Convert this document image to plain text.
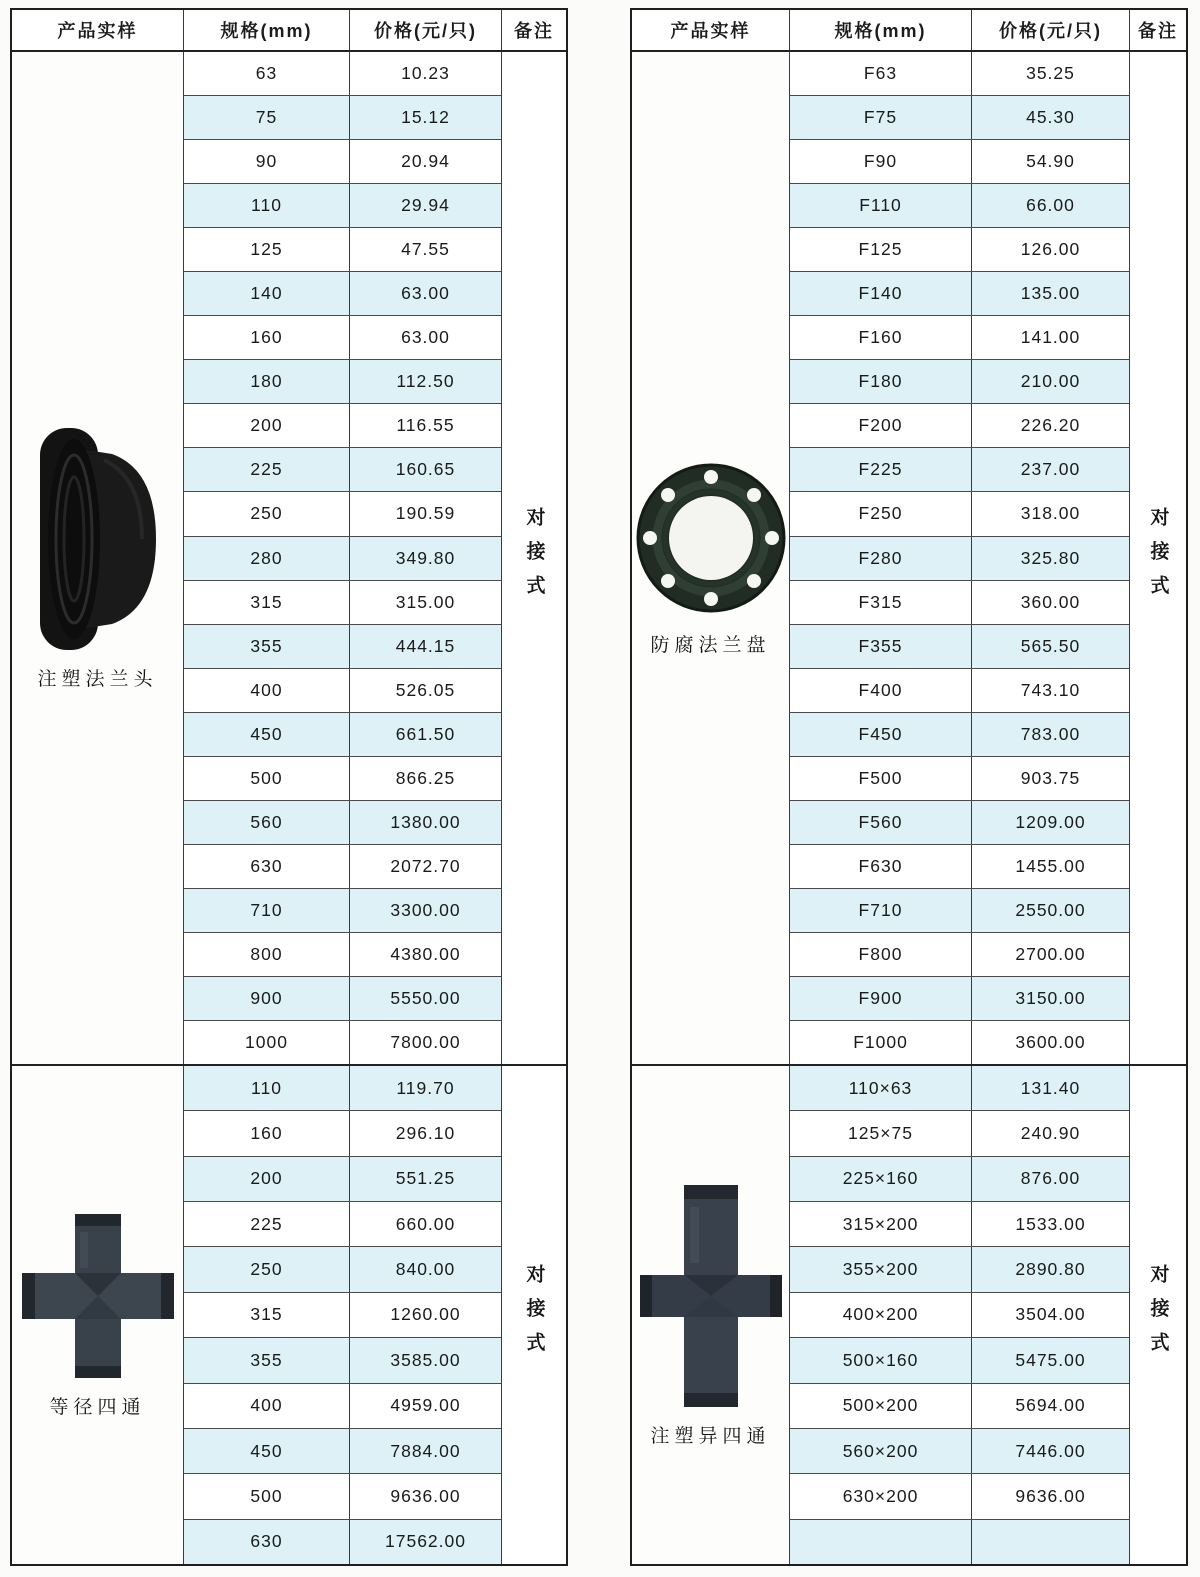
产品实样	规格(mm)	价格(元/只)	备注
注塑法兰头
63	10.23
75	15.12
90	20.94
110	29.94
125	47.55
140	63.00
160	63.00
180	112.50
200	116.55
225	160.65
250	190.59
280	349.80
315	315.00
355	444.15
400	526.05
450	661.50
500	866.25
560	1380.00
630	2072.70
710	3300.00
800	4380.00
900	5550.00
1000	7800.00
对接式
等径四通
110	119.70
160	296.10
200	551.25
225	660.00
250	840.00
315	1260.00
355	3585.00
400	4959.00
450	7884.00
500	9636.00
630	17562.00
对接式
产品实样	规格(mm)	价格(元/只)	备注
防腐法兰盘
F63	35.25
F75	45.30
F90	54.90
F110	66.00
F125	126.00
F140	135.00
F160	141.00
F180	210.00
F200	226.20
F225	237.00
F250	318.00
F280	325.80
F315	360.00
F355	565.50
F400	743.10
F450	783.00
F500	903.75
F560	1209.00
F630	1455.00
F710	2550.00
F800	2700.00
F900	3150.00
F1000	3600.00
对接式
注塑异四通
110×63	131.40
125×75	240.90
225×160	876.00
315×200	1533.00
355×200	2890.80
400×200	3504.00
500×160	5475.00
500×200	5694.00
560×200	7446.00
630×200	9636.00
对接式
